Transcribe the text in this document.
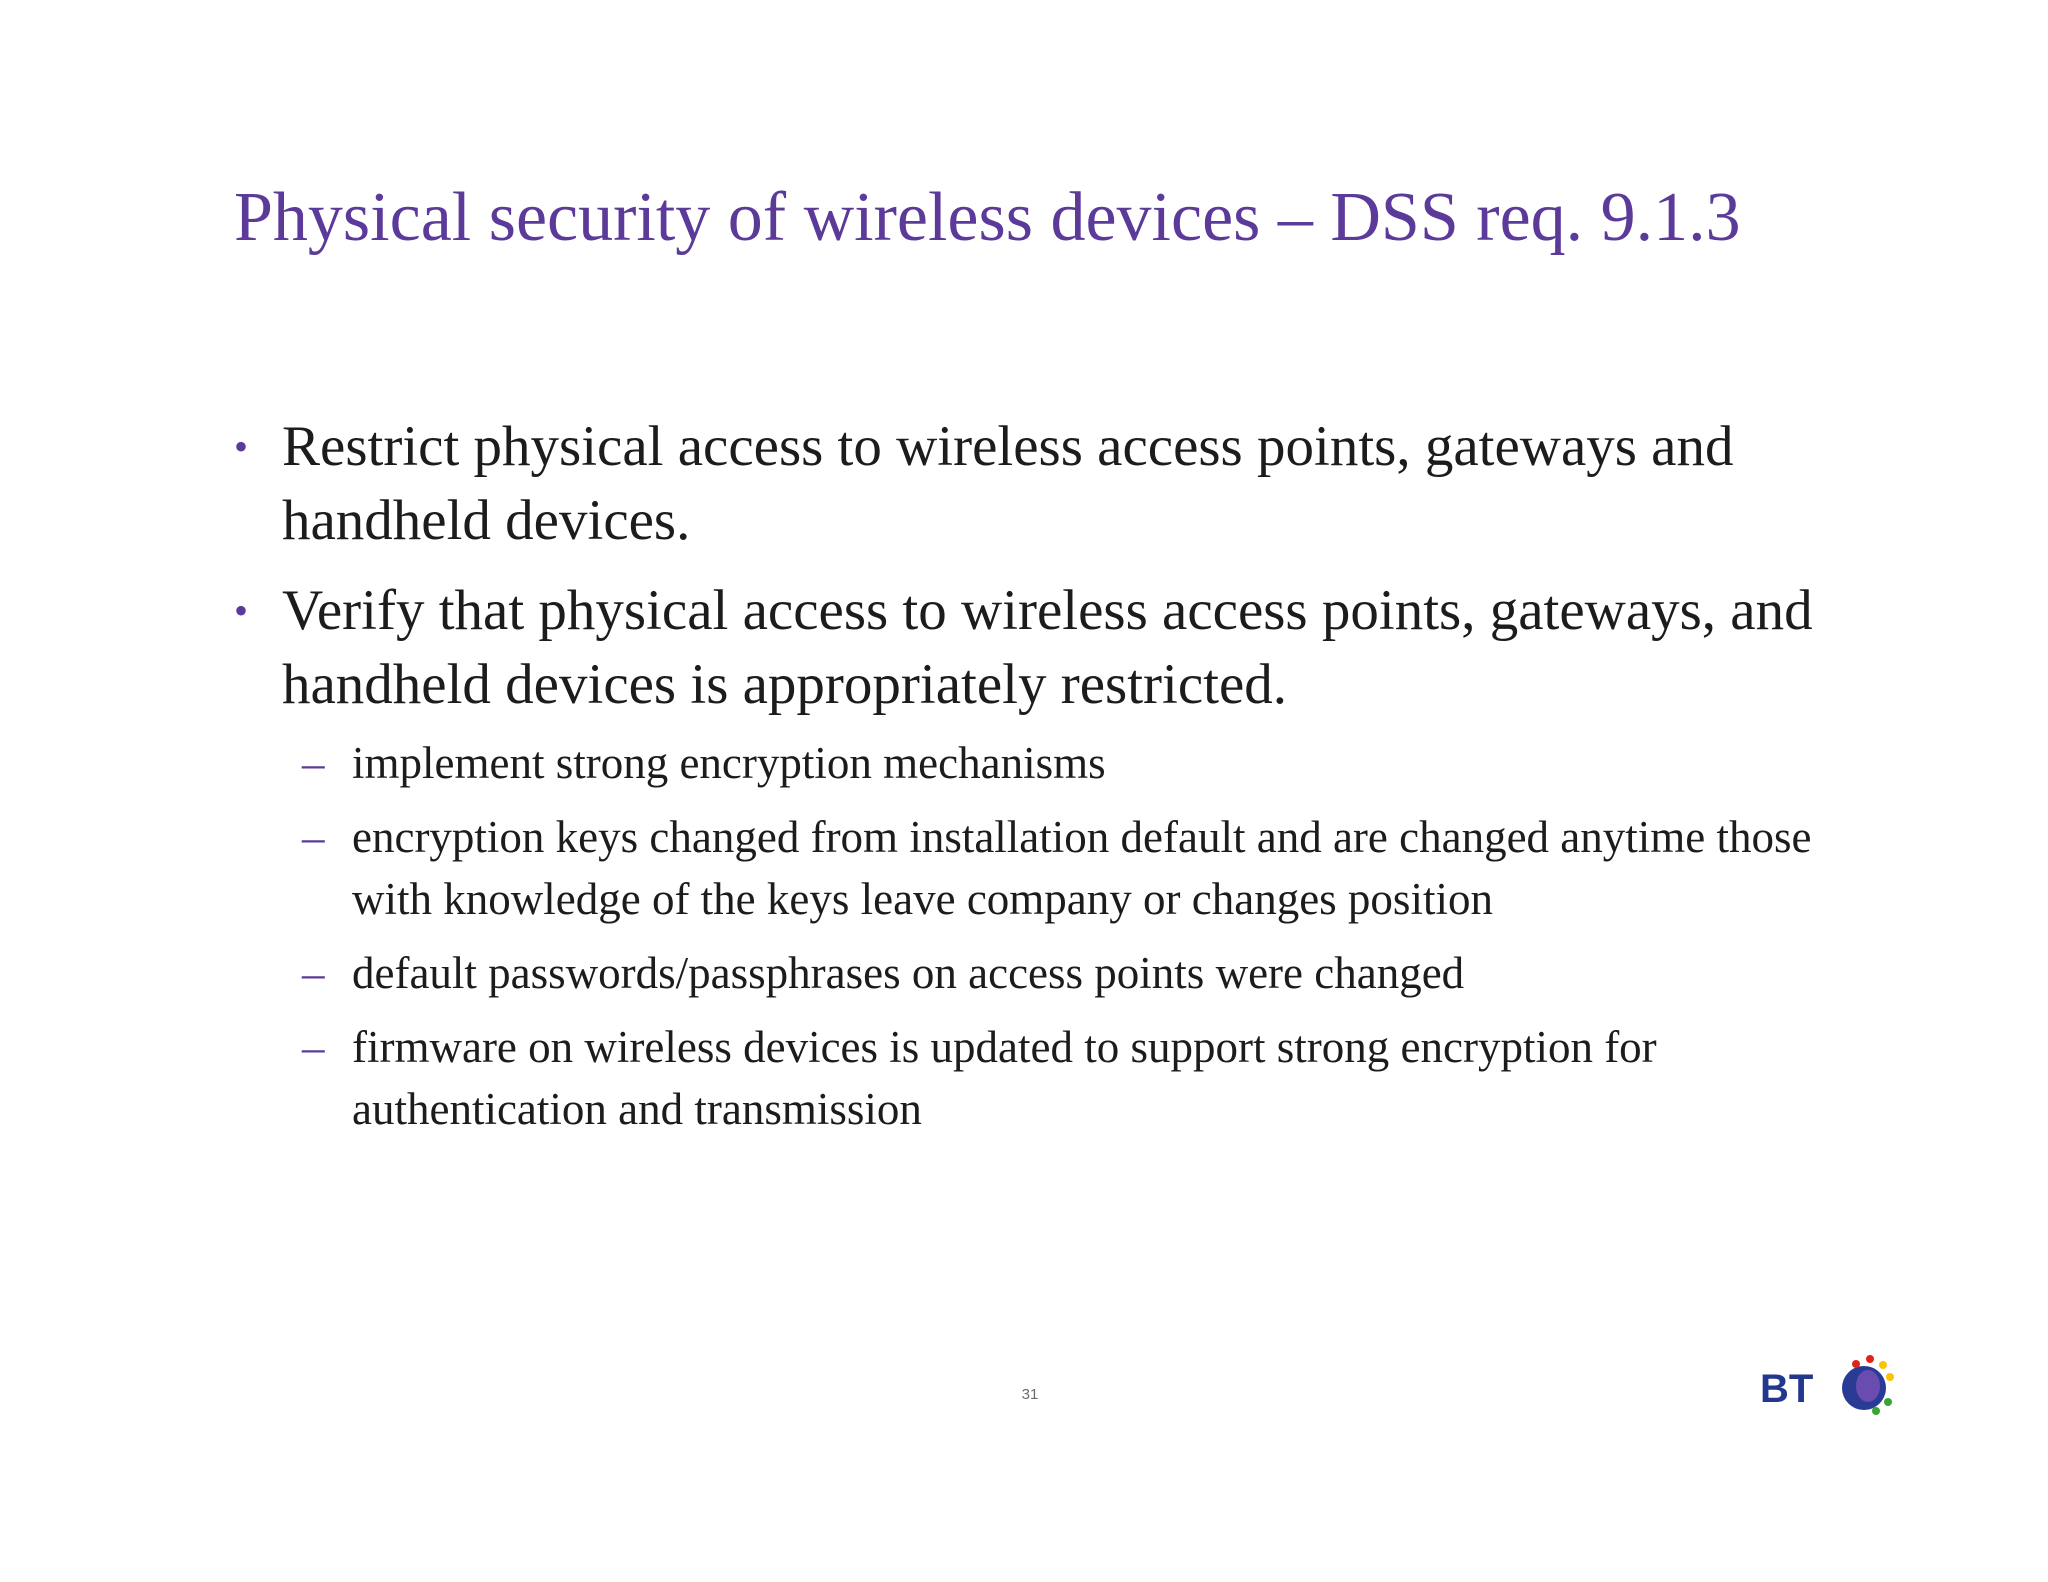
Physical security of wireless devices – DSS req. 9.1.3
• Restrict physical access to wireless access points, gateways and handheld devices.
• Verify that physical access to wireless access points, gateways, and handheld devices is appropriately restricted.
– implement strong encryption mechanisms
– encryption keys changed from installation default and are changed anytime those with knowledge of the keys leave company or changes position
– default passwords/passphrases on access points were changed
– firmware on wireless devices is updated to support strong encryption for authentication and transmission
31	BT
